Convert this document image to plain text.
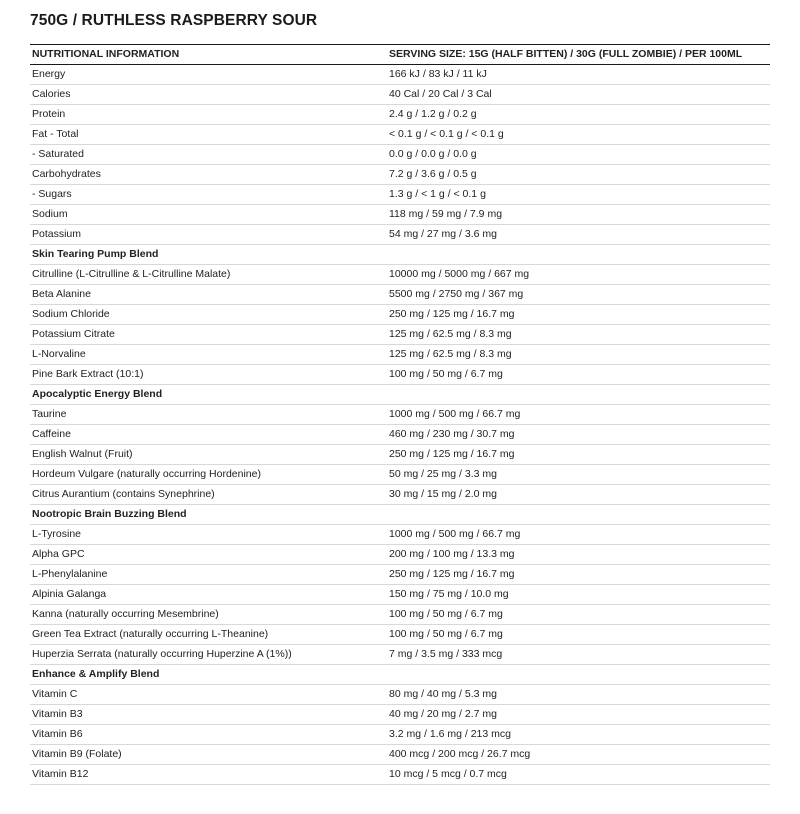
750G / RUTHLESS RASPBERRY SOUR
NUTRITIONAL INFORMATION	SERVING SIZE: 15G (HALF BITTEN) / 30G (FULL ZOMBIE) / PER 100ML
Energy	166 kJ / 83 kJ / 11 kJ
Calories	40 Cal / 20 Cal / 3 Cal
Protein	2.4 g / 1.2 g / 0.2 g
Fat - Total	< 0.1 g / < 0.1 g / < 0.1 g
- Saturated	0.0 g / 0.0 g / 0.0 g
Carbohydrates	7.2 g / 3.6 g / 0.5 g
- Sugars	1.3 g / < 1 g / < 0.1 g
Sodium	118 mg / 59 mg / 7.9 mg
Potassium	54 mg / 27 mg / 3.6 mg
Skin Tearing Pump Blend
Citrulline (L-Citrulline & L-Citrulline Malate)	10000 mg / 5000 mg / 667 mg
Beta Alanine	5500 mg / 2750 mg / 367 mg
Sodium Chloride	250 mg / 125 mg / 16.7 mg
Potassium Citrate	125 mg / 62.5 mg / 8.3 mg
L-Norvaline	125 mg / 62.5 mg / 8.3 mg
Pine Bark Extract (10:1)	100 mg / 50 mg / 6.7 mg
Apocalyptic Energy Blend
Taurine	1000 mg / 500 mg / 66.7 mg
Caffeine	460 mg / 230 mg / 30.7 mg
English Walnut (Fruit)	250 mg / 125 mg / 16.7 mg
Hordeum Vulgare (naturally occurring Hordenine)	50 mg / 25 mg / 3.3 mg
Citrus Aurantium (contains Synephrine)	30 mg / 15 mg / 2.0 mg
Nootropic Brain Buzzing Blend
L-Tyrosine	1000 mg / 500 mg / 66.7 mg
Alpha GPC	200 mg / 100 mg / 13.3 mg
L-Phenylalanine	250 mg / 125 mg / 16.7 mg
Alpinia Galanga	150 mg / 75 mg / 10.0 mg
Kanna (naturally occurring Mesembrine)	100 mg / 50 mg / 6.7 mg
Green Tea Extract (naturally occurring L-Theanine)	100 mg / 50 mg / 6.7 mg
Huperzia Serrata (naturally occurring Huperzine A (1%))	7 mg / 3.5 mg / 333 mcg
Enhance & Amplify Blend
Vitamin C	80 mg / 40 mg / 5.3 mg
Vitamin B3	40 mg / 20 mg / 2.7 mg
Vitamin B6	3.2 mg / 1.6 mg / 213 mcg
Vitamin B9 (Folate)	400 mcg / 200 mcg / 26.7 mcg
Vitamin B12	10 mcg / 5 mcg / 0.7 mcg
